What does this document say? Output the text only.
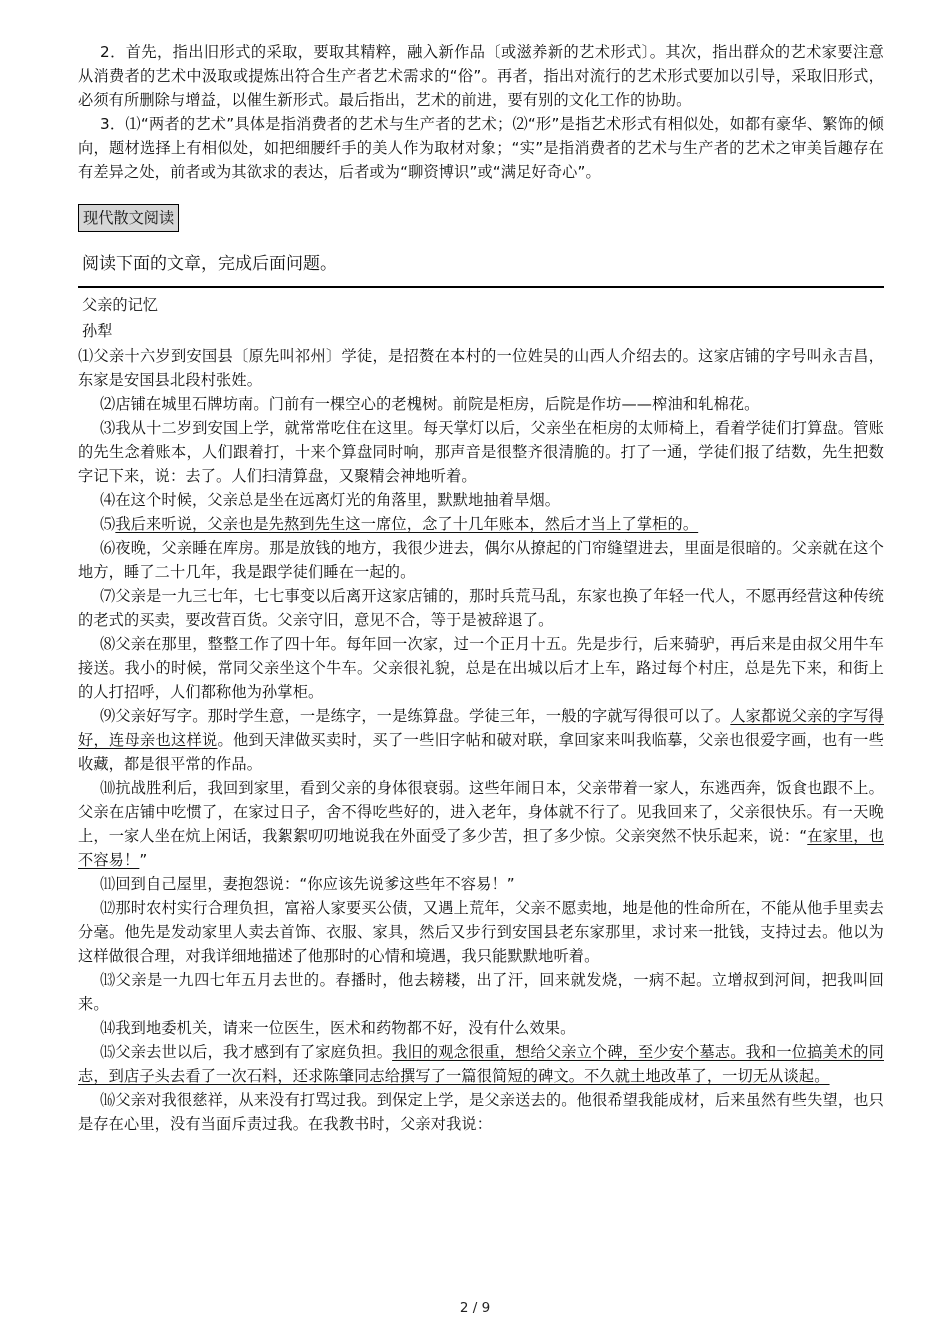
2．首先，指出旧形式的采取，要取其精粹，融入新作品〔或滋养新的艺术形式〕。其次，指出群众的艺术家要注意从消费者的艺术中汲取或提炼出符合生产者艺术需求的“俗”。再者，指出对流行的艺术形式要加以引导，采取旧形式，必须有所删除与增益，以催生新形式。最后指出，艺术的前进，要有别的文化工作的协助。

3．⑴“两者的艺术”具体是指消费者的艺术与生产者的艺术；⑵“形”是指艺术形式有相似处，如都有豪华、繁饰的倾向，题材选择上有相似处，如把细腰纤手的美人作为取材对象；“实”是指消费者的艺术与生产者的艺术之审美旨趣存在有差异之处，前者或为其欲求的表达，后者或为“聊资博识”或“满足好奇心”。

现代散文阅读
阅读下面的文章，完成后面问题。
父亲的记忆
孙犁

⑴父亲十六岁到安国县〔原先叫祁州〕学徒，是招赘在本村的一位姓吴的山西人介绍去的。这家店铺的字号叫永吉昌，东家是安国县北段村张姓。

⑵店铺在城里石牌坊南。门前有一棵空心的老槐树。前院是柜房，后院是作坊——榨油和轧棉花。

⑶我从十二岁到安国上学，就常常吃住在这里。每天掌灯以后，父亲坐在柜房的太师椅上，看着学徒们打算盘。管账的先生念着账本，人们跟着打，十来个算盘同时响，那声音是很整齐很清脆的。打了一通，学徒们报了结数，先生把数字记下来，说：去了。人们扫清算盘，又聚精会神地听着。

⑷在这个时候，父亲总是坐在远离灯光的角落里，默默地抽着旱烟。

⑸我后来听说，父亲也是先熬到先生这一席位，念了十几年账本，然后才当上了掌柜的。

⑹夜晚，父亲睡在库房。那是放钱的地方，我很少进去，偶尔从撩起的门帘缝望进去，里面是很暗的。父亲就在这个地方，睡了二十几年，我是跟学徒们睡在一起的。

⑺父亲是一九三七年，七七事变以后离开这家店铺的，那时兵荒马乱，东家也换了年轻一代人，不愿再经营这种传统的老式的买卖，要改营百货。父亲守旧，意见不合，等于是被辞退了。

⑻父亲在那里，整整工作了四十年。每年回一次家，过一个正月十五。先是步行，后来骑驴，再后来是由叔父用牛车接送。我小的时候，常同父亲坐这个牛车。父亲很礼貌，总是在出城以后才上车，路过每个村庄，总是先下来，和街上的人打招呼，人们都称他为孙掌柜。

⑼父亲好写字。那时学生意，一是练字，一是练算盘。学徒三年，一般的字就写得很可以了。人家都说父亲的字写得好，连母亲也这样说。他到天津做买卖时，买了一些旧字帖和破对联，拿回家来叫我临摹，父亲也很爱字画，也有一些收藏，都是很平常的作品。

⑽抗战胜利后，我回到家里，看到父亲的身体很衰弱。这些年闹日本，父亲带着一家人，东逃西奔，饭食也跟不上。父亲在店铺中吃惯了，在家过日子，舍不得吃些好的，进入老年，身体就不行了。见我回来了，父亲很快乐。有一天晚上，一家人坐在炕上闲话，我絮絮叨叨地说我在外面受了多少苦，担了多少惊。父亲突然不快乐起来，说：“在家里，也不容易！”

⑾回到自己屋里，妻抱怨说：“你应该先说爹这些年不容易！”

⑿那时农村实行合理负担，富裕人家要买公债，又遇上荒年，父亲不愿卖地，地是他的性命所在，不能从他手里卖去分毫。他先是发动家里人卖去首饰、衣服、家具，然后又步行到安国县老东家那里，求讨来一批钱，支持过去。他以为这样做很合理，对我详细地描述了他那时的心情和境遇，我只能默默地听着。

⒀父亲是一九四七年五月去世的。春播时，他去耪耧，出了汗，回来就发烧，一病不起。立增叔到河间，把我叫回来。

⒁我到地委机关，请来一位医生，医术和药物都不好，没有什么效果。

⒂父亲去世以后，我才感到有了家庭负担。我旧的观念很重，想给父亲立个碑，至少安个墓志。我和一位搞美术的同志，到店子头去看了一次石料，还求陈肇同志给撰写了一篇很简短的碑文。不久就土地改革了，一切无从谈起。

⒃父亲对我很慈祥，从来没有打骂过我。到保定上学，是父亲送去的。他很希望我能成材，后来虽然有些失望，也只是存在心里，没有当面斥责过我。在我教书时，父亲对我说：

2 / 9
